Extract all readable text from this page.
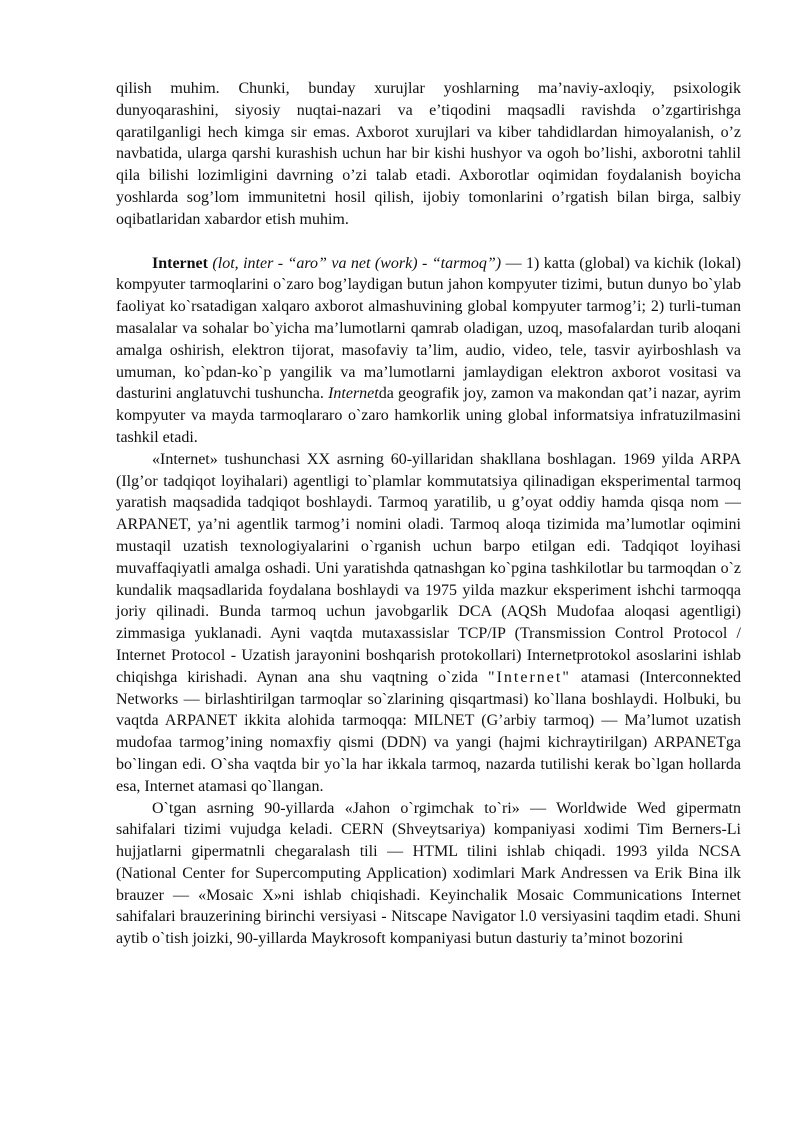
qilish muhim. Chunki, bunday xurujlar yoshlarning ma’naviy-axloqiy, psixologik dunyoqarashini, siyosiy nuqtai-nazari va e’tiqodini maqsadli ravishda o’zgartirishga qaratilganligi hech kimga sir emas. Axborot xurujlari va kiber tahdidlardan himoyalanish, o’z navbatida, ularga qarshi kurashish uchun har bir kishi hushyor va ogoh bo’lishi, axborotni tahlil qila bilishi lozimligini davrning o’zi talab etadi. Axborotlar oqimidan foydalanish boyicha yoshlarda sog’lom immunitetni hosil qilish, ijobiy tomonlarini o’rgatish bilan birga, salbiy oqibatlaridan xabardor etish muhim.

Internet (lot, inter - “aro” va net (work) - “tarmoq”) — 1) katta (global) va kichik (lokal) kompyuter tarmoqlarini o`zaro bog’laydigan butun jahon kompyuter tizimi, butun dunyo bo`ylab faoliyat ko`rsatadigan xalqaro axborot almashuvining global kompyuter tarmog’i; 2) turli-tuman masalalar va sohalar bo`yicha ma’lumotlarni qamrab oladigan, uzoq, masofalardan turib aloqani amalga oshirish, elektron tijorat, masofaviy ta’lim, audio, video, tele, tasvir ayirboshlash va umuman, ko`pdan-ko`p yangilik va ma’lumotlarni jamlaydigan elektron axborot vositasi va dasturini anglatuvchi tushuncha. Internetda geografik joy, zamon va makondan qat’i nazar, ayrim kompyuter va mayda tarmoqlararo o`zaro hamkorlik uning global informatsiya infratuzilmasini tashkil etadi.

«Internet» tushunchasi XX asrning 60-yillaridan shakllana boshlagan. 1969 yilda ARPA (Ilg’or tadqiqot loyihalari) agentligi to`plamlar kommutatsiya qilinadigan eksperimental tarmoq yaratish maqsadida tadqiqot boshlaydi. Tarmoq yaratilib, u g’oyat oddiy hamda qisqa nom — ARPANET, ya’ni agentlik tarmog’i nomini oladi. Tarmoq aloqa tizimida ma’lumotlar oqimini mustaqil uzatish texnologiyalarini o`rganish uchun barpo etilgan edi. Tadqiqot loyihasi muvaffaqiyatli amalga oshadi. Uni yaratishda qatnashgan ko`pgina tashkilotlar bu tarmoqdan o`z kundalik maqsadlarida foydalana boshlaydi va 1975 yilda mazkur eksperiment ishchi tarmoqqa joriy qilinadi. Bunda tarmoq uchun javobgarlik DCA (AQSh Mudofaa aloqasi agentligi) zimmasiga yuklanadi. Ayni vaqtda mutaxassislar TCP/IP (Transmission Control Protocol / Internet Protocol - Uzatish jarayonini boshqarish protokollari) Internetprotokol asoslarini ishlab chiqishga kirishadi. Aynan ana shu vaqtning o`zida "Internet" atamasi (Interconnekted Networks — birlashtirilgan tarmoqlar so`zlarining qisqartmasi) ko`llana boshlaydi. Holbuki, bu vaqtda ARPANET ikkita alohida tarmoqqa: MILNET (G’arbiy tarmoq) — Ma’lumot uzatish mudofaa tarmog’ining nomaxfiy qismi (DDN) va yangi (hajmi kichraytirilgan) ARPANETga bo`lingan edi. O`sha vaqtda bir yo`la har ikkala tarmoq, nazarda tutilishi kerak bo`lgan hollarda esa, Internet atamasi qo`llangan.

O`tgan asrning 90-yillarda «Jahon o`rgimchak to`ri» — Worldwide Wed gipermatn sahifalari tizimi vujudga keladi. CERN (Shveytsariya) kompaniyasi xodimi Tim Berners-Li hujjatlarni gipermatnli chegaralash tili — HTML tilini ishlab chiqadi. 1993 yilda NCSA (National Center for Supercomputing Application) xodimlari Mark Andressen va Erik Bina ilk brauzer — «Mosaic X»ni ishlab chiqishadi. Keyinchalik Mosaic Communications Internet sahifalari brauzerining birinchi versiyasi - Nitscape Navigator l.0 versiyasini taqdim etadi. Shuni aytib o`tish joizki, 90-yillarda Maykrosoft kompaniyasi butun dasturiy ta’minot bozorini
